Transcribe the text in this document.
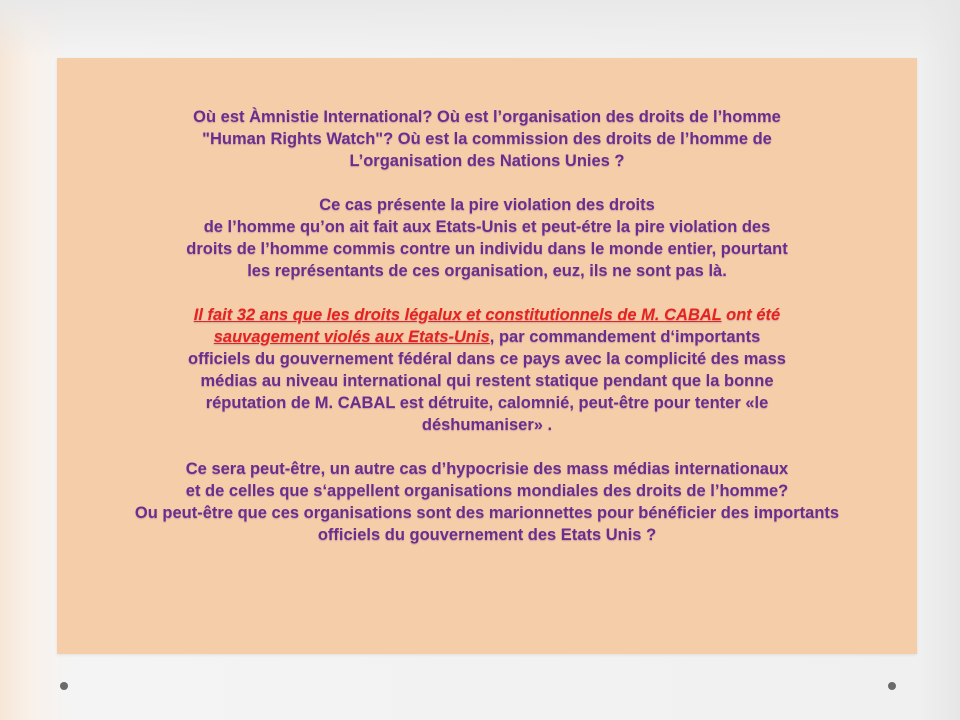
Où est Àmnistie International? Où est l’organisation des droits de l’homme
"Human Rights Watch"? Où est la commission des droits de l’homme de
L’organisation des Nations Unies ?

Ce cas présente la pire violation des droits
de l’homme qu’on ait fait aux Etats-Unis et peut-étre la pire violation des
droits de l’homme commis contre un individu dans le monde entier, pourtant
les représentants de ces organisation, euz, ils ne sont pas là.

Il fait 32 ans que les droits légalux et constitutionnels de M. CABAL ont été
sauvagement violés aux Etats-Unis, par commandement d‘importants
officiels du gouvernement fédéral dans ce pays avec la complicité des mass
médias au niveau international qui restent statique pendant que la bonne
réputation de M. CABAL est détruite, calomnié, peut-être pour tenter «le
déshumaniser» .

Ce sera peut-être, un autre cas d’hypocrisie des mass médias internationaux
et de celles que s‘appellent organisations mondiales des droits de l’homme?
Ou peut-être que ces organisations sont des marionnettes pour bénéficier des importants
officiels du gouvernement des Etats Unis ?
